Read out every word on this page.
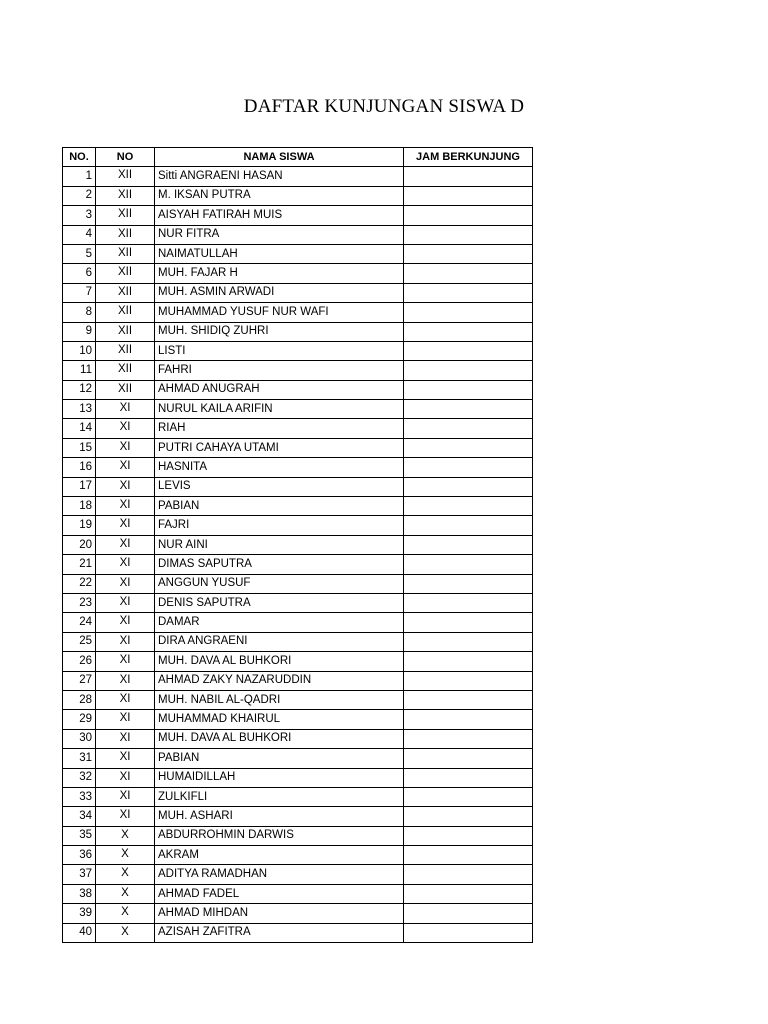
DAFTAR KUNJUNGAN SISWA D
NO.	NO	NAMA SISWA	JAM BERKUNJUNG
1	XII	Sitti ANGRAENI HASAN	
2	XII	M. IKSAN PUTRA	
3	XII	AISYAH FATIRAH MUIS	
4	XII	NUR FITRA	
5	XII	NAIMATULLAH	
6	XII	MUH. FAJAR H	
7	XII	MUH. ASMIN ARWADI	
8	XII	MUHAMMAD YUSUF NUR WAFI	
9	XII	MUH. SHIDIQ ZUHRI	
10	XII	LISTI	
11	XII	FAHRI	
12	XII	AHMAD ANUGRAH	
13	XI	NURUL KAILA ARIFIN	
14	XI	RIAH	
15	XI	PUTRI CAHAYA UTAMI	
16	XI	HASNITA	
17	XI	LEVIS	
18	XI	PABIAN	
19	XI	FAJRI	
20	XI	NUR AINI	
21	XI	DIMAS SAPUTRA	
22	XI	ANGGUN YUSUF	
23	XI	DENIS SAPUTRA	
24	XI	DAMAR	
25	XI	DIRA ANGRAENI	
26	XI	MUH. DAVA AL BUHKORI	
27	XI	AHMAD ZAKY NAZARUDDIN	
28	XI	MUH. NABIL AL-QADRI	
29	XI	MUHAMMAD KHAIRUL	
30	XI	MUH. DAVA AL BUHKORI	
31	XI	PABIAN	
32	XI	HUMAIDILLAH	
33	XI	ZULKIFLI	
34	XI	MUH. ASHARI	
35	X	ABDURROHMIN DARWIS	
36	X	AKRAM	
37	X	ADITYA RAMADHAN	
38	X	AHMAD FADEL	
39	X	AHMAD MIHDAN	
40	X	AZISAH ZAFITRA	
